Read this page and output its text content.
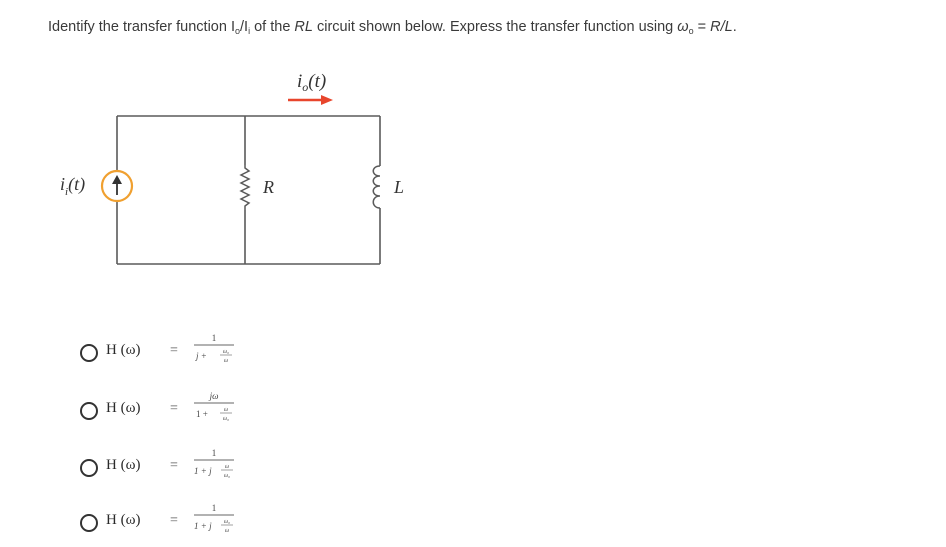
Identify the transfer function $I_o/I_i$ of the RL circuit shown below. Express the transfer function using $\omega_o = R/L$.
$i_o(t)$
$i_i(t)$	R	L
H (ω) =
1
j +	ω₀
ω
H (ω) =
jω
1 +	ω
ω₀
H (ω) =
1
1 + j ω
ω₀
H (ω) =
1
1 + j ω₀
ω
